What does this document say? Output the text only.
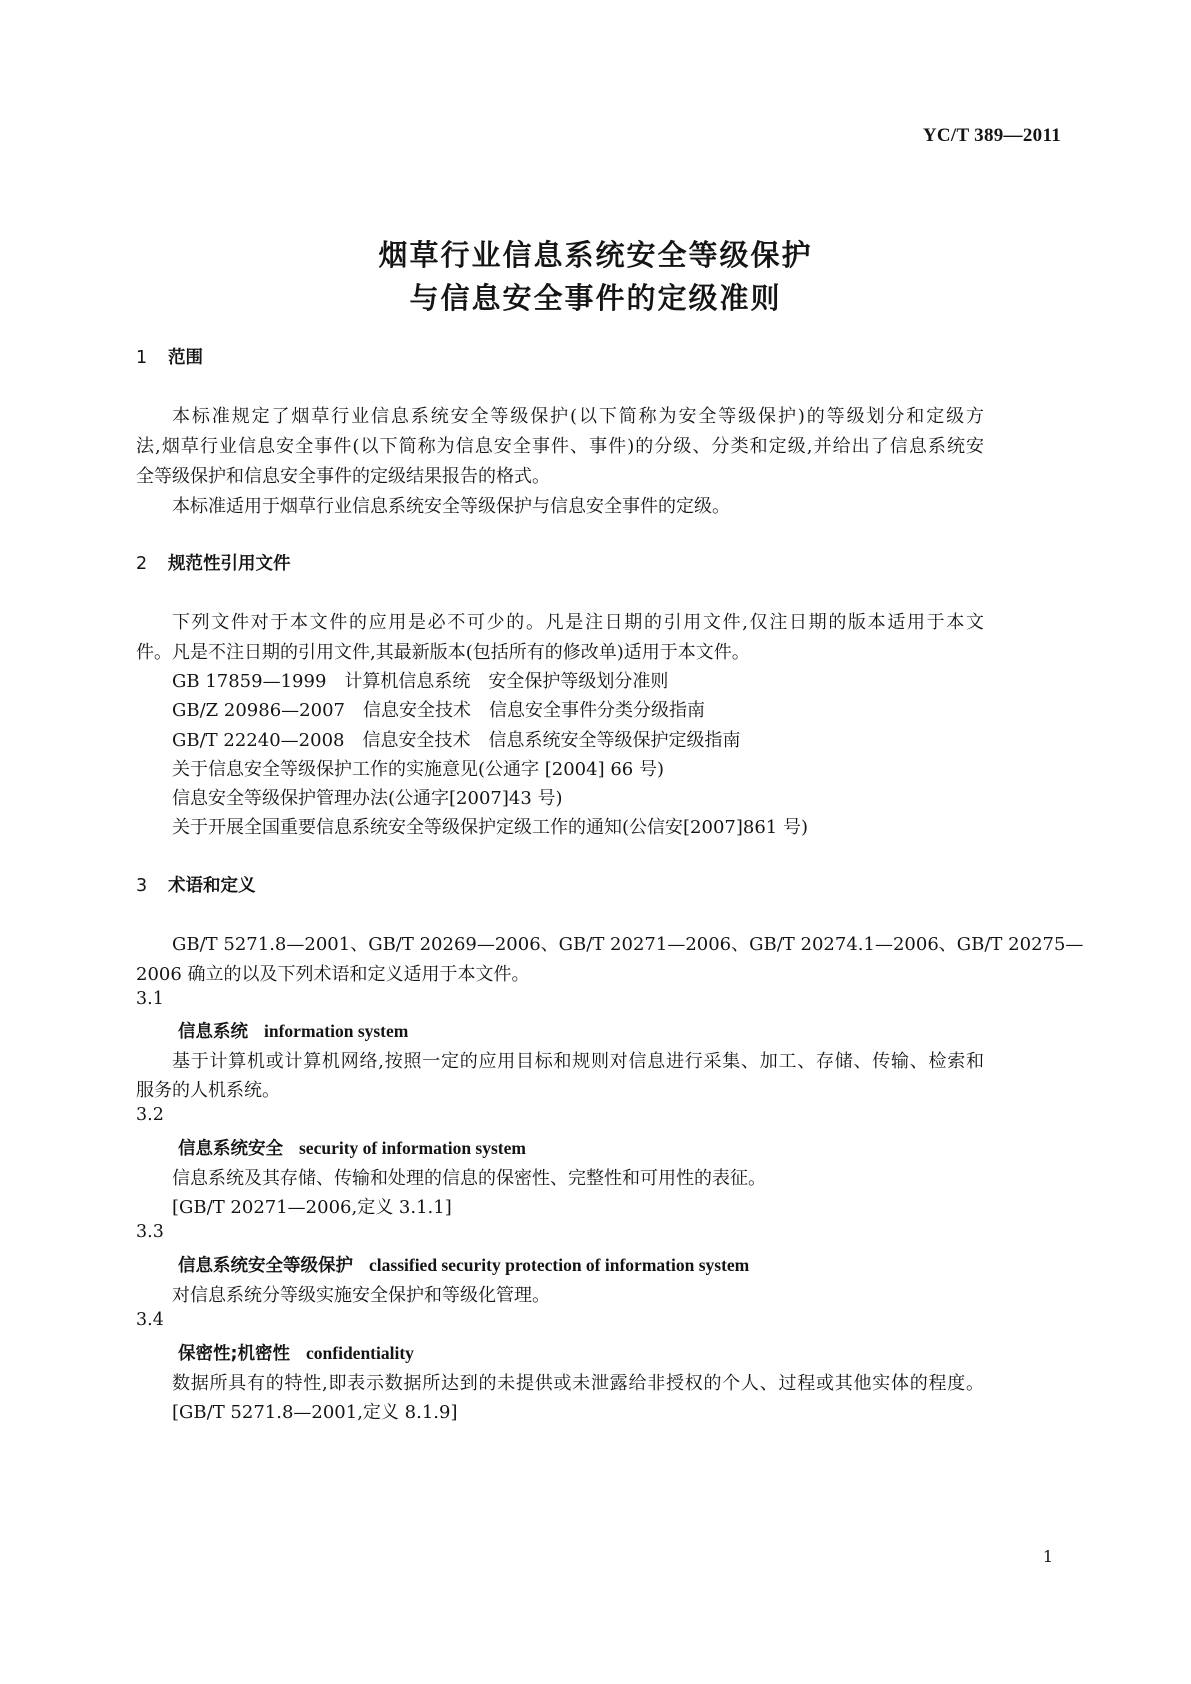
YC/T 389—2011
烟草行业信息系统安全等级保护
与信息安全事件的定级准则
1 范围
本标准规定了烟草行业信息系统安全等级保护(以下简称为安全等级保护)的等级划分和定级方
法,烟草行业信息安全事件(以下简称为信息安全事件、事件)的分级、分类和定级,并给出了信息系统安
全等级保护和信息安全事件的定级结果报告的格式。
本标准适用于烟草行业信息系统安全等级保护与信息安全事件的定级。
2 规范性引用文件
下列文件对于本文件的应用是必不可少的。凡是注日期的引用文件,仅注日期的版本适用于本文
件。凡是不注日期的引用文件,其最新版本(包括所有的修改单)适用于本文件。
GB 17859—1999　计算机信息系统　安全保护等级划分准则
GB/Z 20986—2007　信息安全技术　信息安全事件分类分级指南
GB/T 22240—2008　信息安全技术　信息系统安全等级保护定级指南
关于信息安全等级保护工作的实施意见(公通字 [2004] 66 号)
信息安全等级保护管理办法(公通字[2007]43 号)
关于开展全国重要信息系统安全等级保护定级工作的通知(公信安[2007]861 号)
3 术语和定义
GB/T 5271.8—2001、GB/T 20269—2006、GB/T 20271—2006、GB/T 20274.1—2006、GB/T 20275—
2006 确立的以及下列术语和定义适用于本文件。
3.1
信息系统 information system
基于计算机或计算机网络,按照一定的应用目标和规则对信息进行采集、加工、存储、传输、检索和
服务的人机系统。
3.2
信息系统安全 security of information system
信息系统及其存储、传输和处理的信息的保密性、完整性和可用性的表征。
[GB/T 20271—2006,定义 3.1.1]
3.3
信息系统安全等级保护 classified security protection of information system
对信息系统分等级实施安全保护和等级化管理。
3.4
保密性;机密性 confidentiality
数据所具有的特性,即表示数据所达到的未提供或未泄露给非授权的个人、过程或其他实体的程度。
[GB/T 5271.8—2001,定义 8.1.9]
1
